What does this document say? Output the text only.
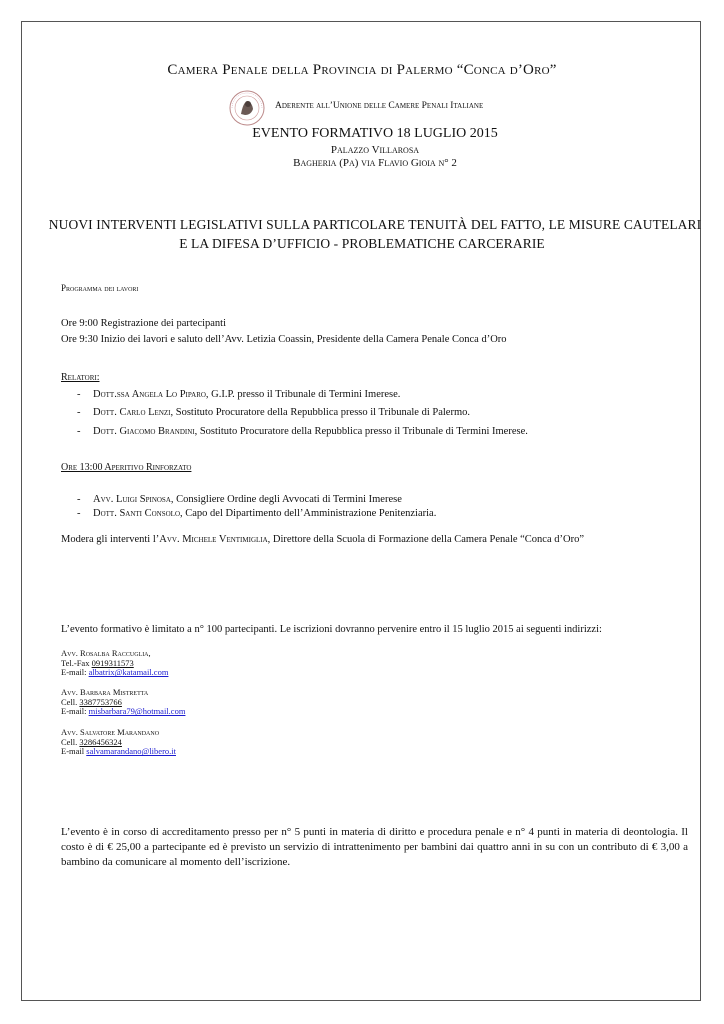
Camera Penale della Provincia di Palermo “Conca d’Oro”
Aderente all’Unione delle Camere Penali Italiane
EVENTO FORMATIVO 18 LUGLIO 2015
Palazzo Villarosa
Bagheria (Pa) via Flavio Gioia n° 2
NUOVI INTERVENTI LEGISLATIVI SULLA PARTICOLARE TENUITÀ DEL FATTO, LE MISURE CAUTELARI
E LA DIFESA D’UFFICIO - PROBLEMATICHE CARCERARIE
Programma dei lavori
Ore 9:00 Registrazione dei partecipanti
Ore 9:30 Inizio dei lavori e saluto dell’Avv. Letizia Coassin, Presidente della Camera Penale Conca d’Oro
Relatori:
- Dott.ssa Angela Lo Piparo, G.I.P. presso il Tribunale di Termini Imerese.
- Dott. Carlo Lenzi, Sostituto Procuratore della Repubblica presso il Tribunale di Palermo.
- Dott. Giacomo Brandini, Sostituto Procuratore della Repubblica presso il Tribunale di Termini Imerese.
Ore 13:00 Aperitivo Rinforzato
- Avv. Luigi Spinosa, Consigliere Ordine degli Avvocati di Termini Imerese
- Dott. Santi Consolo, Capo del Dipartimento dell’Amministrazione Penitenziaria.
Modera gli interventi l’Avv. Michele Ventimiglia, Direttore della Scuola di Formazione della Camera Penale “Conca d’Oro”
L’evento formativo è limitato a n° 100 partecipanti. Le iscrizioni dovranno pervenire entro il 15 luglio 2015 ai seguenti indirizzi:
Avv. Rosalba Raccuglia,
Tel.-Fax 0919311573
E-mail: albatrix@katamail.com
Avv. Barbara Mistretta
Cell. 3387753766
E-mail: misbarbara79@hotmail.com
Avv. Salvatore Marandano
Cell. 3286456324
E-mail salvamarandano@libero.it
L’evento è in corso di accreditamento presso per n° 5 punti in materia di diritto e procedura penale e n° 4 punti in materia di deontologia. Il costo è di € 25,00 a partecipante ed è previsto un servizio di intrattenimento per bambini dai quattro anni in su con un contributo di € 3,00 a bambino da comunicare al momento dell’iscrizione.
